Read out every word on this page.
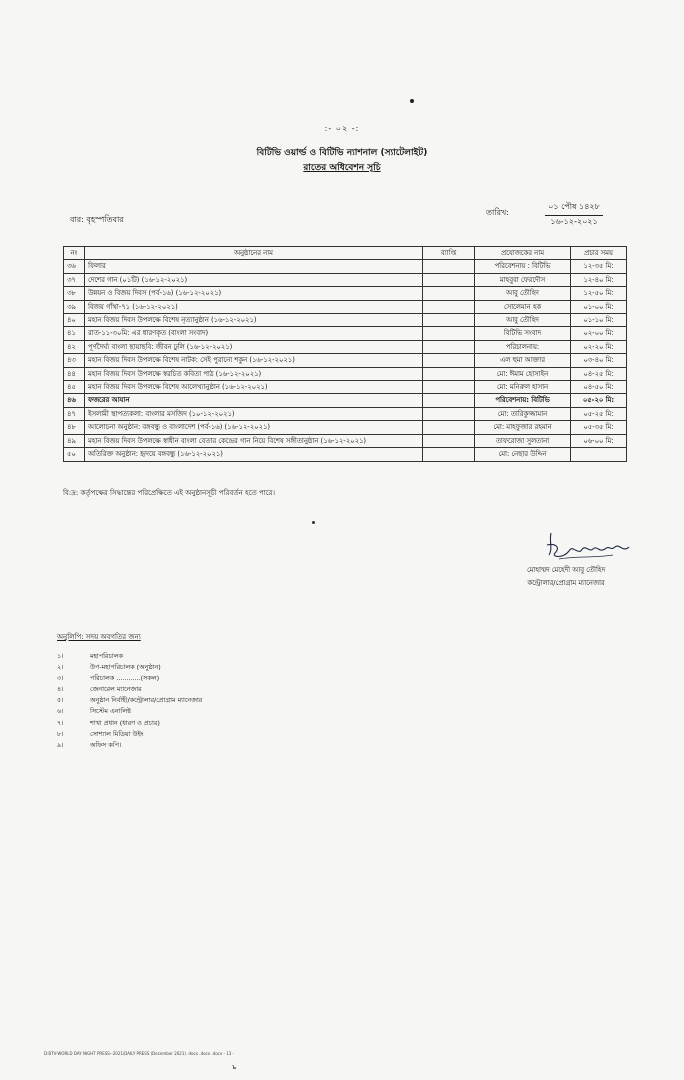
:- ০২ -:
বিটিভি ওয়ার্ল্ড ও বিটিভি ন্যাশনাল (স্যাটেলাইট)
রাতের অধিবেশন সূচি
বার: বৃহস্পতিবার
তারিখ:
০১ পৌষ ১৪২৮
১৬-১২-২০২১
নং	অনুষ্ঠানের নাম	ব্যাপ্তি	প্রযোজকের নাম	প্রচার সময়
৩৬	ফিলার		পরিবেশনায় : বিটিভি	১২-৩৫ মি:
৩৭	দেশের গান (০১টি) (১৬-১২-২০২১)		মাহবুবা ফেরদৌস	১২-৪০ মি:
৩৮	উন্নয়ন ও বিজয় দিবস (পর্ব-১৬) (১৬-১২-২০২১)		আবু তৌহিদ	১২-৫০ মি:
৩৯	বিজয় গাঁথা-৭১ (১৬-১২-২০২১)		সোলেমান হক	০১-০০ মি:
৪০	মহান বিজয় দিবস উপলক্ষে বিশেষ নৃত্যানুষ্ঠান (১৬-১২-২০২১)		আবু তৌহিদ	০১-১০ মি:
৪১	রাত-১১-৩০মি: এর ধারণকৃত (বাংলা সংবাদ)		বিটিভি সংবাদ	০২-০০ মি:
৪২	পূর্ণদৈর্ঘ্য বাংলা ছায়াছবি: জীবন ঢুলি (১৬-১২-২০২১)		পরিচালনায়:	০২-২০ মি:
৪৩	মহান বিজয় দিবস উপলক্ষে বিশেষ নাটক: সেই পুরানো শকুন (১৬-১২-২০২১)		এল হুমা আক্তার	০৩-৪০ মি:
৪৪	মহান বিজয় দিবস উপলক্ষে স্বরচিত কবিতা পাঠ (১৬-১২-২০২১)		মো: ঈমাম হোসাইন	০৪-২৫ মি:
৪৫	মহান বিজয় দিবস উপলক্ষে বিশেষ আলেখ্যানুষ্ঠান (১৬-১২-২০২১)		মো: মনিরুল হাসান	০৪-৫০ মি:
৪৬	ফজরের আযান		পরিবেশনায়: বিটিভি	০৫-২০ মি:
৪৭	ইসলামী স্থাপত্যকলা: বাংলার মসজিদ (১০-১২-২০২১)		মো: তারিকুজ্জামান	০৫-২৫ মি:
৪৮	আলোচনা অনুষ্ঠান: বঙ্গবন্ধু ও বাংলাদেশ (পর্ব-১৬) (১৬-১২-২০২১)		মো: মাহফুজার রহমান	০৫-৩৫ মি:
৪৯	মহান বিজয় দিবস উপলক্ষে স্বাধীন বাংলা বেতার কেন্দ্রের গান নিয়ে বিশেষ সঙ্গীতানুষ্ঠান (১৬-১২-২০২১)		তাফরোজা সুলতানা	০৬-০০ মি:
৫০	অতিরিক্ত অনুষ্ঠান: হৃদয়ে বঙ্গবন্ধু (১৬-১২-২০২১)		মো: নেছার উদ্দিন	
বি:দ্র: কর্তৃপক্ষের সিদ্ধান্তের পরিপ্রেক্ষিতে এই অনুষ্ঠানসূচী পরিবর্তন হতে পারে।
মোহাম্মদ মেহেদী আবু তৌহিদ
কন্ট্রোলার/প্রোগ্রাম ম্যানেজার
অনুলিপি: সদয় অবগতির জন্য
১।	মহাপরিচালক
২।	উপ-মহাপরিচালক (অনুষ্ঠান)
৩।	পরিচালক ............(সকল)
৪।	জেনারেল ম্যানেজার
৫।	অনুষ্ঠান নির্বাহী/কন্ট্রোলার/প্রোগ্রাম ম্যানেজার
৬।	সিস্টেম এনালিষ্ট
৭।	শাখা প্রধান (ধারণ ও প্রচার)
৮।	সোশ্যাল মিডিয়া উইং
৯।	অফিস কপি।
D:BTV-WORLD DAY NIGHT PRESS--2021\DAILY PRESS (December 2021) .docx .docx .docx - 13 -
ъ
